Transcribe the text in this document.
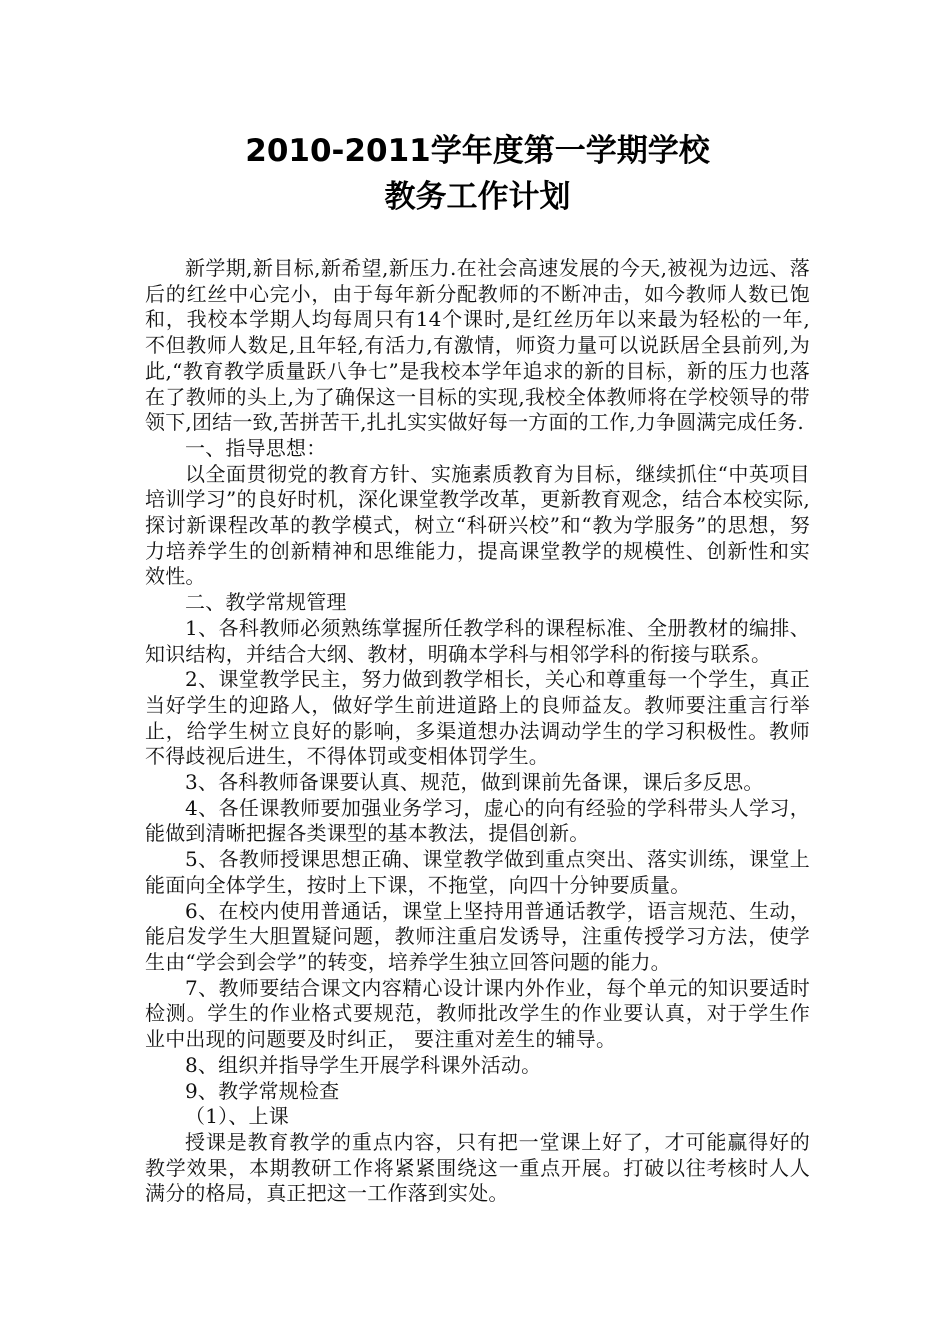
2010-2011学年度第一学期学校
教务工作计划

新学期,新目标,新希望,新压力.在社会高速发展的今天,被视为边远、落后的红丝中心完小，由于每年新分配教师的不断冲击，如今教师人数已饱和，我校本学期人均每周只有14个课时,是红丝历年以来最为轻松的一年,不但教师人数足,且年轻,有活力,有激情，师资力量可以说跃居全县前列,为此,“教育教学质量跃八争七”是我校本学年追求的新的目标，新的压力也落在了教师的头上,为了确保这一目标的实现,我校全体教师将在学校领导的带领下,团结一致,苦拼苦干,扎扎实实做好每一方面的工作,力争圆满完成任务.

一、指导思想：

以全面贯彻党的教育方针、实施素质教育为目标，继续抓住“中英项目培训学习”的良好时机，深化课堂教学改革，更新教育观念，结合本校实际,探讨新课程改革的教学模式，树立“科研兴校”和“教为学服务”的思想，努力培养学生的创新精神和思维能力，提高课堂教学的规模性、创新性和实效性。

二、教学常规管理

1、各科教师必须熟练掌握所任教学科的课程标准、全册教材的编排、知识结构，并结合大纲、教材，明确本学科与相邻学科的衔接与联系。

2、课堂教学民主，努力做到教学相长，关心和尊重每一个学生，真正当好学生的迎路人，做好学生前进道路上的良师益友。教师要注重言行举止，给学生树立良好的影响，多渠道想办法调动学生的学习积极性。教师不得歧视后进生，不得体罚或变相体罚学生。

3、各科教师备课要认真、规范，做到课前先备课，课后多反思。

4、各任课教师要加强业务学习，虚心的向有经验的学科带头人学习，能做到清晰把握各类课型的基本教法，提倡创新。

5、各教师授课思想正确、课堂教学做到重点突出、落实训练，课堂上能面向全体学生，按时上下课，不拖堂，向四十分钟要质量。

6、在校内使用普通话，课堂上坚持用普通话教学，语言规范、生动，能启发学生大胆置疑问题，教师注重启发诱导，注重传授学习方法，使学生由“学会到会学”的转变，培养学生独立回答问题的能力。

7、教师要结合课文内容精心设计课内外作业，每个单元的知识要适时检测。学生的作业格式要规范，教师批改学生的作业要认真，对于学生作业中出现的问题要及时纠正， 要注重对差生的辅导。

8、组织并指导学生开展学科课外活动。

9、教学常规检查

（1）、上课

授课是教育教学的重点内容，只有把一堂课上好了，才可能赢得好的教学效果，本期教研工作将紧紧围绕这一重点开展。打破以往考核时人人满分的格局，真正把这一工作落到实处。
